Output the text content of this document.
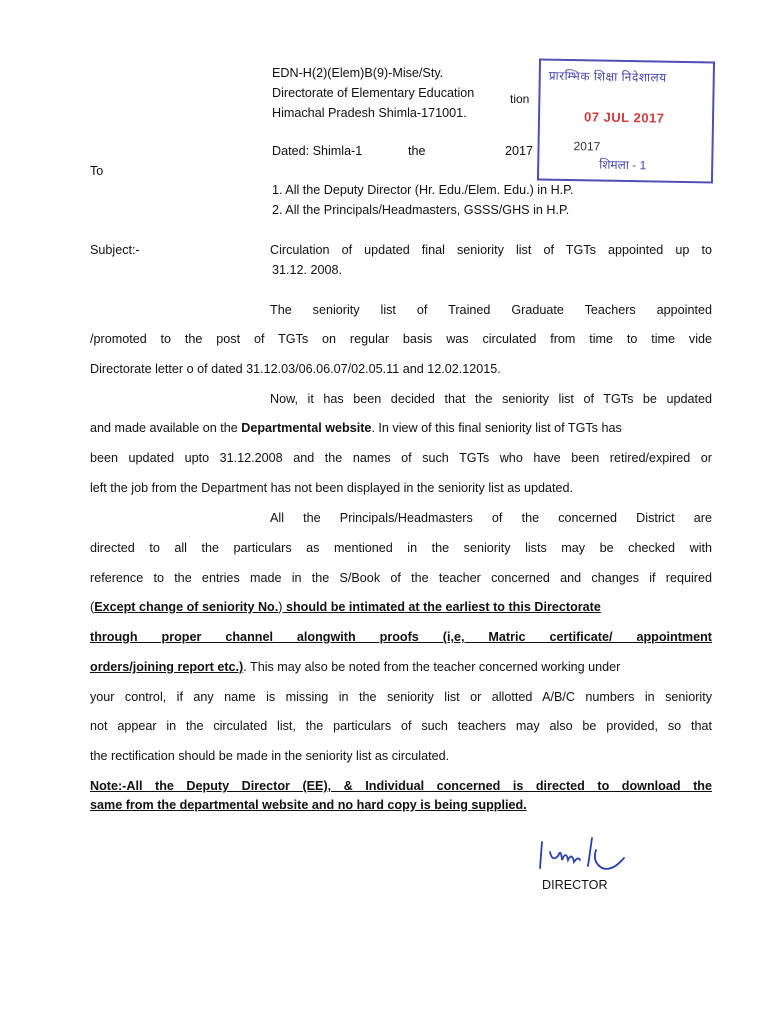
EDN-H(2)(Elem)B(9)-Mise/Sty.
Directorate of Elementary Education	tion
Himachal Pradesh Shimla-171001.
Dated: Shimla-1	the	2017
प्रारम्भिक शिक्षा निदेशालय
07 JUL 2017
2017
शिमला - 1
To
1. All the Deputy Director (Hr. Edu./Elem. Edu.) in H.P.
2. All the Principals/Headmasters, GSSS/GHS in H.P.
Subject:-	Circulation of updated final seniority list of TGTs appointed up to
31.12. 2008.
The seniority list of Trained Graduate Teachers appointed
/promoted to the post of TGTs on regular basis was circulated from time to time vide
Directorate letter o of dated 31.12.03/06.06.07/02.05.11 and 12.02.12015.
Now, it has been decided that the seniority list of TGTs be updated
and made available on the Departmental website. In view of this final seniority list of TGTs has
been updated upto 31.12.2008 and the names of such TGTs who have been retired/expired or
left the job from the Department has not been displayed in the seniority list as updated.
All the Principals/Headmasters of the concerned District are
directed to all the particulars as mentioned in the seniority lists may be checked with
reference to the entries made in the S/Book of the teacher concerned and changes if required
(Except change of seniority No.) should be intimated at the earliest to this Directorate
through proper channel alongwith proofs (i,e, Matric certificate/ appointment
orders/joining report etc.). This may also be noted from the teacher concerned working under
your control, if any name is missing in the seniority list or allotted A/B/C numbers in seniority
not appear in the circulated list, the particulars of such teachers may also be provided, so that
the rectification should be made in the seniority list as circulated.
Note:-All the Deputy Director (EE), & Individual concerned is directed to download the
same from the departmental website and no hard copy is being supplied.
DIRECTOR
